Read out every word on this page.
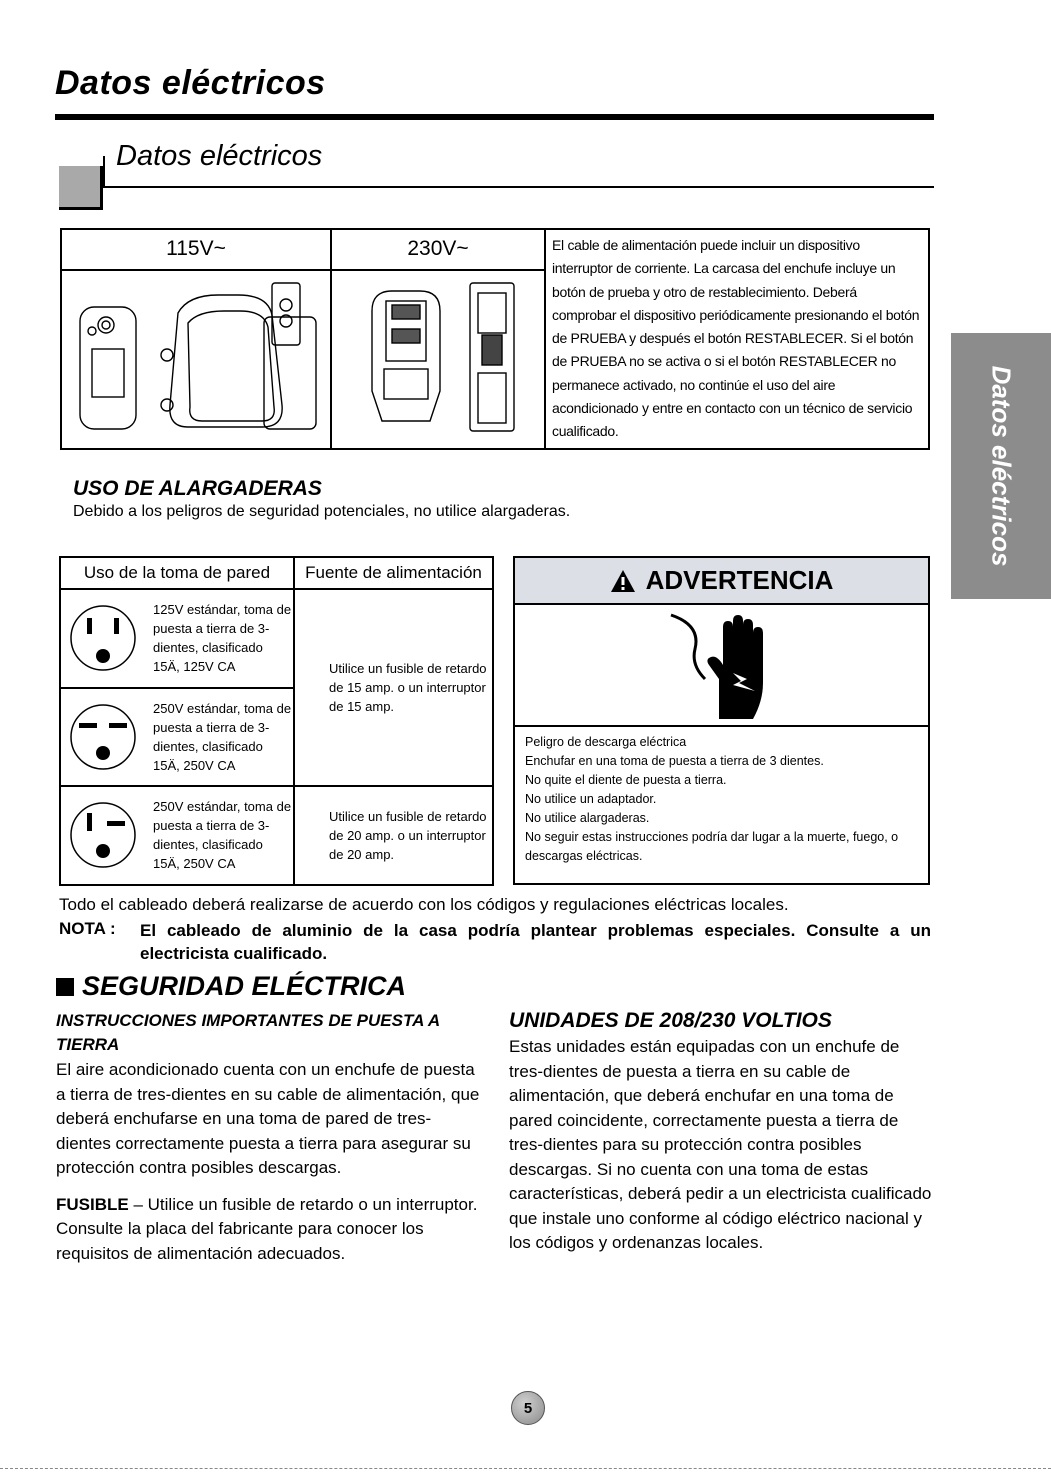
Datos eléctricos
Datos eléctricos
Datos eléctricos
115V~	230V~	El cable de alimentación puede incluir un dispositivo interruptor de corriente. La carcasa del enchufe incluye un botón de prueba y otro de restablecimiento. Deberá comprobar el dispositivo periódicamente presionando el botón de PRUEBA y después el botón RESTABLECER. Si el botón de PRUEBA no se activa o si el botón RESTABLECER no permanece activado, no continúe el uso del aire acondicionado y entre en contacto con un técnico de servicio cualificado.

USO DE ALARGADERAS
Debido a los peligros de seguridad potenciales, no utilice alargaderas.
Uso de la toma de pared	Fuente de alimentación

125V estándar, toma de puesta a tierra de 3-dientes, clasificado 15Ä, 125V CA	Utilice un fusible de retardo de 15 amp. o un interruptor de 15 amp.

250V estándar, toma de puesta a tierra de 3-dientes, clasificado 15Ä, 250V CA	

250V estándar, toma de puesta a tierra de 3-dientes, clasificado 15Ä, 250V CA	Utilice un fusible de retardo de 20 amp. o un interruptor de 20 amp.
ADVERTENCIA
Peligro de descarga eléctrica
Enchufar en una toma de puesta a tierra de 3 dientes.
No quite el diente de puesta a tierra.
No utilice un adaptador.
No utilice alargaderas.
No seguir estas instrucciones podría dar lugar a la muerte, fuego, o descargas eléctricas.
Todo el cableado deberá realizarse de acuerdo con los códigos y regulaciones eléctricas locales.
NOTA : El cableado de aluminio de la casa podría plantear problemas especiales. Consulte a un electricista cualificado.
SEGURIDAD ELÉCTRICA
INSTRUCCIONES IMPORTANTES DE PUESTA A TIERRA
El aire acondicionado cuenta con un enchufe de puesta a tierra de tres-dientes en su cable de alimentación, que deberá enchufarse en una toma de pared de tres-dientes correctamente puesta a tierra para asegurar su protección contra posibles descargas.
FUSIBLE – Utilice un fusible de retardo o un interruptor. Consulte la placa del fabricante para conocer los requisitos de alimentación adecuados.
UNIDADES DE 208/230 VOLTIOS
Estas unidades están equipadas con un enchufe de tres-dientes de puesta a tierra en su cable de alimentación, que deberá enchufar en una toma de pared coincidente, correctamente puesta a tierra de tres-dientes para su protección contra posibles descargas. Si no cuenta con una toma de estas características, deberá pedir a un electricista cualificado que instale uno conforme al código eléctrico nacional y los códigos y ordenanzas locales.
5
